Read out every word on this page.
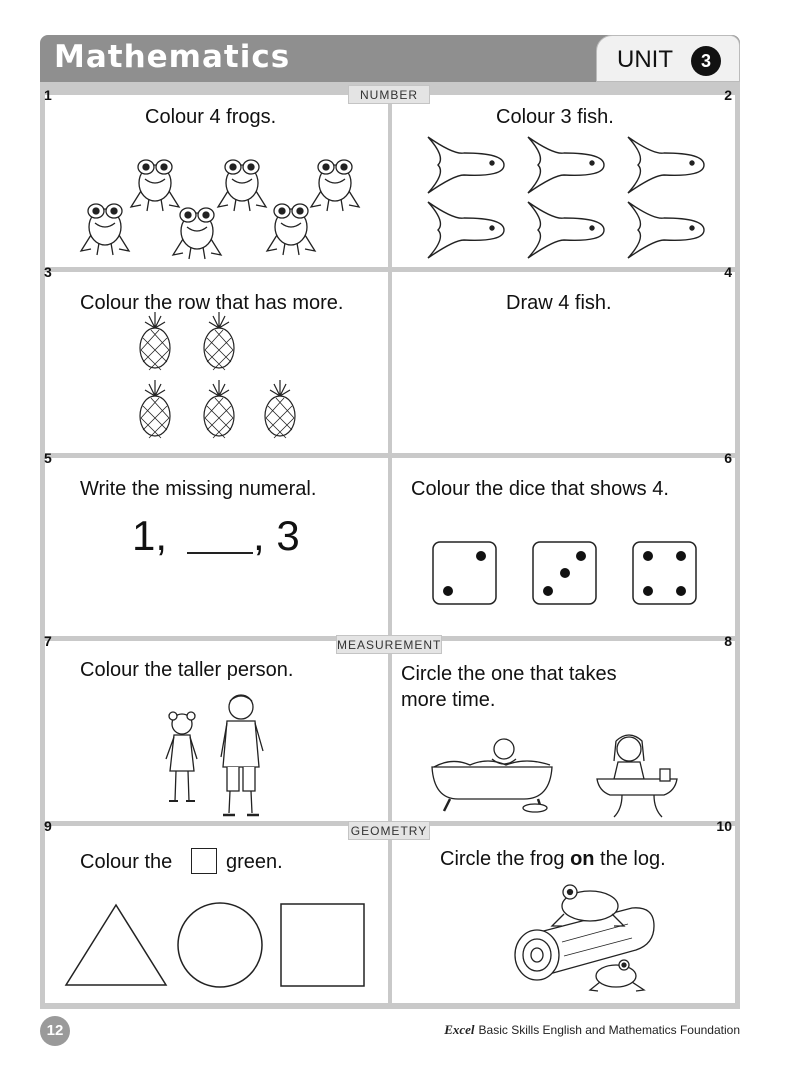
Mathematics	UNIT	3
1
Colour 4 frogs.
2
Colour 3 fish.
3
Colour the row that has more.
4
Draw 4 fish.
5
Write the missing numeral.
1, , 3
6
Colour the dice that shows 4.
7
Colour the taller person.
8
Circle the one that takes
more time.
9
Colour the	green.
10
Circle the frog on the log.
NUMBER
MEASUREMENT
GEOMETRY
12	Excel Basic Skills English and Mathematics Foundation
